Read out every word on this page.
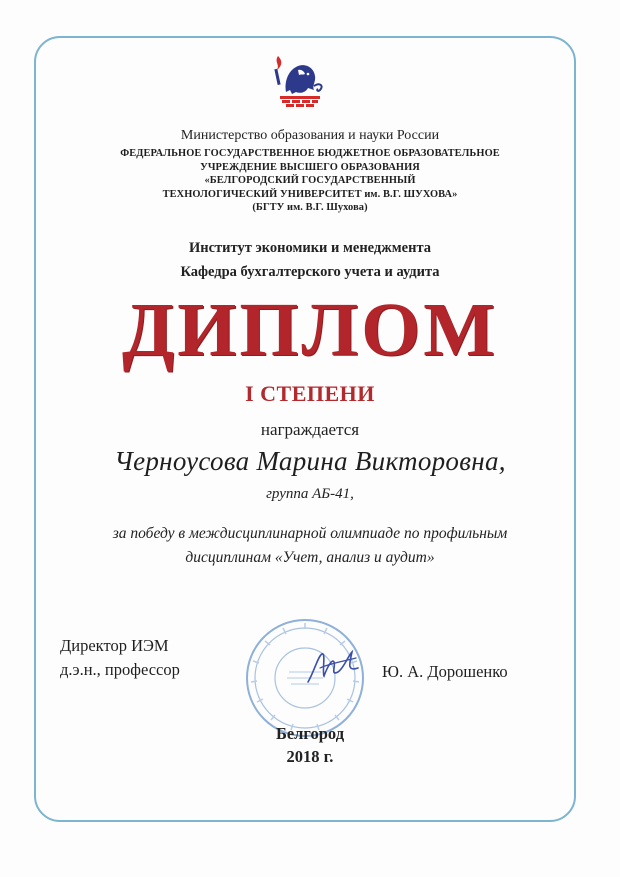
Министерство образования и науки России
ФЕДЕРАЛЬНОЕ ГОСУДАРСТВЕННОЕ БЮДЖЕТНОЕ ОБРАЗОВАТЕЛЬНОЕ
УЧРЕЖДЕНИЕ ВЫСШЕГО ОБРАЗОВАНИЯ
«БЕЛГОРОДСКИЙ ГОСУДАРСТВЕННЫЙ
ТЕХНОЛОГИЧЕСКИЙ УНИВЕРСИТЕТ им. В.Г. ШУХОВА»
(БГТУ им. В.Г. Шухова)
Институт экономики и менеджмента
Кафедра бухгалтерского учета и аудита
ДИПЛОМ
I СТЕПЕНИ
награждается
Черноусова Марина Викторовна,
группа АБ-41,
за победу в междисциплинарной олимпиаде по профильным
дисциплинам «Учет, анализ и аудит»
Директор ИЭМ
д.э.н., профессор	Ю. А. Дорошенко
Белгород
2018 г.
